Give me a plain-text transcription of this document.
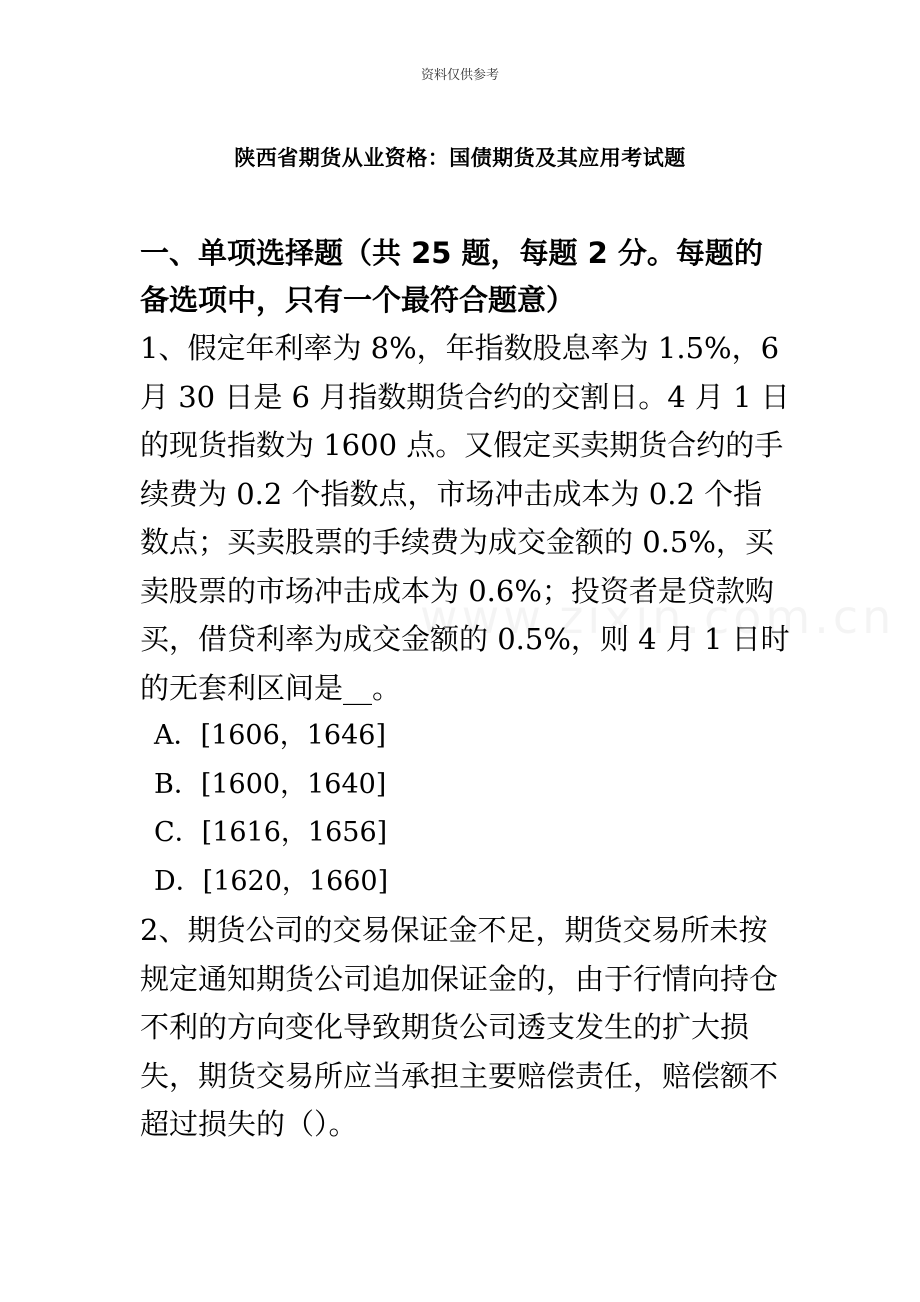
资料仅供参考
陕西省期货从业资格：国债期货及其应用考试题

一、单项选择题（共 25 题，每题 2 分。每题的备选项中，只有一个最符合题意）

1、假定年利率为 8%，年指数股息率为 1.5%，6 月 30 日是 6 月指数期货合约的交割日。4 月 1 日的现货指数为 1600 点。又假定买卖期货合约的手续费为 0.2 个指数点，市场冲击成本为 0.2 个指数点；买卖股票的手续费为成交金额的 0.5%，买卖股票的市场冲击成本为 0.6%；投资者是贷款购买，借贷利率为成交金额的 0.5%，则 4 月 1 日时的无套利区间是__。

A．[1606，1646]
B．[1600，1640]
C．[1616，1656]
D．[1620，1660]

2、期货公司的交易保证金不足，期货交易所未按规定通知期货公司追加保证金的，由于行情向持仓不利的方向变化导致期货公司透支发生的扩大损失，期货交易所应当承担主要赔偿责任，赔偿额不超过损失的（）。
